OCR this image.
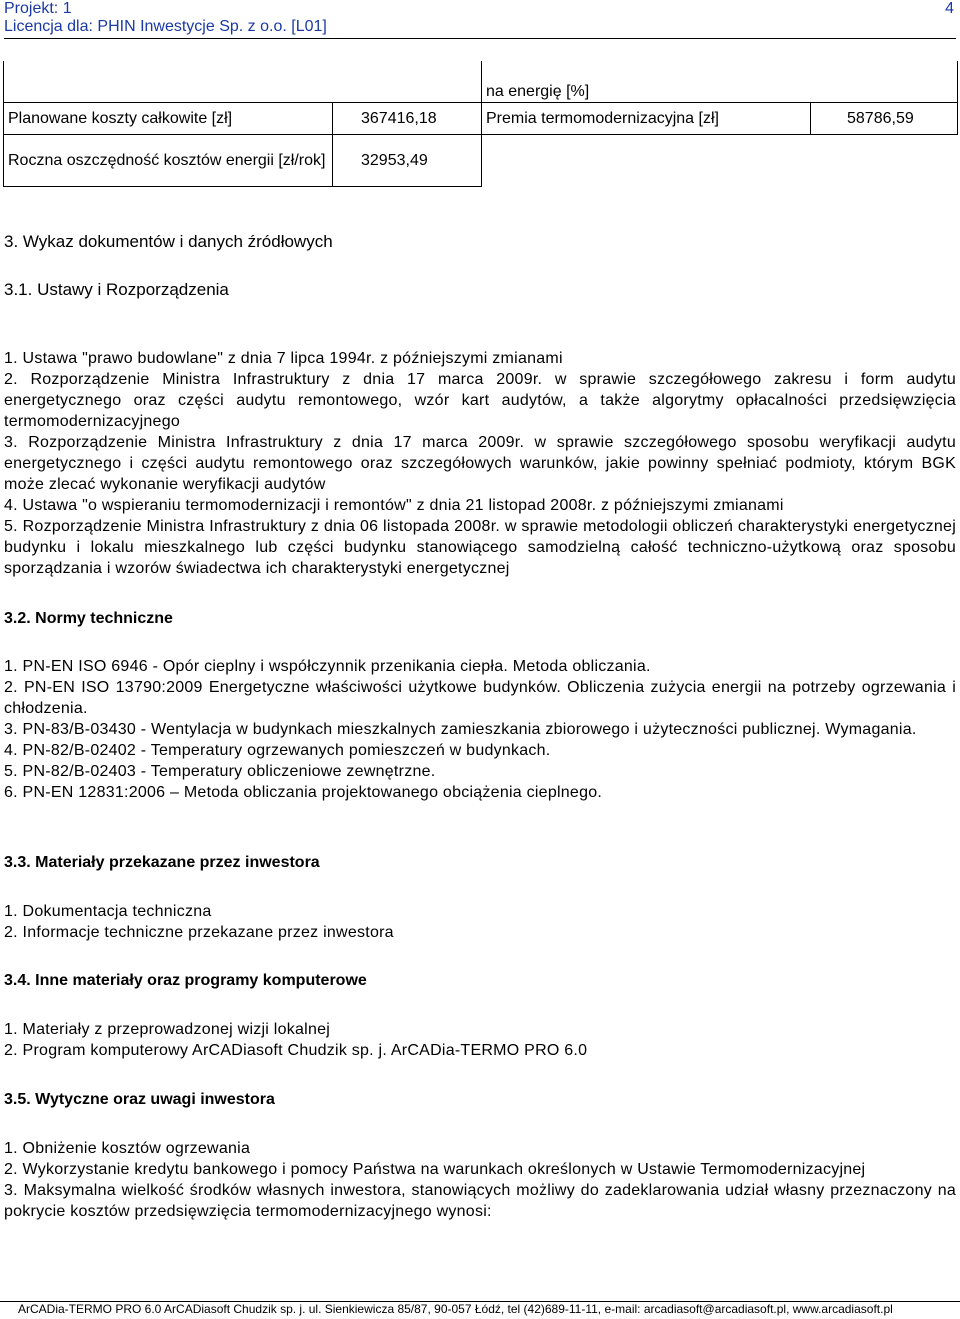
Projekt: 1
Licencja dla: PHIN Inwestycje Sp. z o.o. [L01]
4
		na energię [%]	
Planowane koszty całkowite [zł]	367416,18	Premia termomodernizacyjna [zł]	58786,59
Roczna oszczędność kosztów energii [zł/rok]	32953,49		
3. Wykaz dokumentów i danych źródłowych
3.1. Ustawy i Rozporządzenia

1. Ustawa "prawo budowlane" z dnia 7 lipca 1994r. z późniejszymi zmianami

2. Rozporządzenie Ministra Infrastruktury z dnia 17 marca 2009r. w sprawie szczegółowego zakresu i form audytu energetycznego oraz części audytu remontowego, wzór kart audytów, a także algorytmy opłacalności przedsięwzięcia termomodernizacyjnego

3. Rozporządzenie Ministra Infrastruktury z dnia 17 marca 2009r. w sprawie szczegółowego sposobu weryfikacji audytu energetycznego i części audytu remontowego oraz szczegółowych warunków, jakie powinny spełniać podmioty, którym BGK może zlecać wykonanie weryfikacji audytów

4. Ustawa "o wspieraniu termomodernizacji i remontów" z dnia 21 listopad 2008r. z późniejszymi zmianami

5. Rozporządzenie Ministra Infrastruktury z dnia 06 listopada 2008r. w sprawie metodologii obliczeń charakterystyki energetycznej budynku i lokalu mieszkalnego lub części budynku stanowiącego samodzielną całość techniczno-użytkową oraz sposobu sporządzania i wzorów świadectwa ich charakterystyki energetycznej

3.2. Normy techniczne

1. PN-EN ISO 6946 - Opór cieplny i współczynnik przenikania ciepła. Metoda obliczania.

2. PN-EN ISO 13790:2009 Energetyczne właściwości użytkowe budynków. Obliczenia zużycia energii na potrzeby ogrzewania i chłodzenia.

3. PN-83/B-03430 - Wentylacja w budynkach mieszkalnych zamieszkania zbiorowego i użyteczności publicznej. Wymagania.

4. PN-82/B-02402 - Temperatury ogrzewanych pomieszczeń w budynkach.

5. PN-82/B-02403 - Temperatury obliczeniowe zewnętrzne.

6. PN-EN 12831:2006 – Metoda obliczania projektowanego obciążenia cieplnego.

3.3. Materiały przekazane przez inwestora

1. Dokumentacja techniczna

2. Informacje techniczne przekazane przez inwestora

3.4. Inne materiały oraz programy komputerowe

1. Materiały z przeprowadzonej wizji lokalnej

2. Program komputerowy ArCADiasoft Chudzik sp. j. ArCADia-TERMO PRO 6.0

3.5. Wytyczne oraz uwagi inwestora

1. Obniżenie kosztów ogrzewania

2. Wykorzystanie kredytu bankowego i pomocy Państwa na warunkach określonych w Ustawie Termomodernizacyjnej

3. Maksymalna wielkość środków własnych inwestora, stanowiących możliwy do zadeklarowania udział własny przeznaczony na pokrycie kosztów przedsięwzięcia termomodernizacyjnego wynosi:

ArCADia-TERMO PRO 6.0 ArCADiasoft Chudzik sp. j. ul. Sienkiewicza 85/87, 90-057 Łódź, tel (42)689-11-11, e-mail: arcadiasoft@arcadiasoft.pl, www.arcadiasoft.pl
